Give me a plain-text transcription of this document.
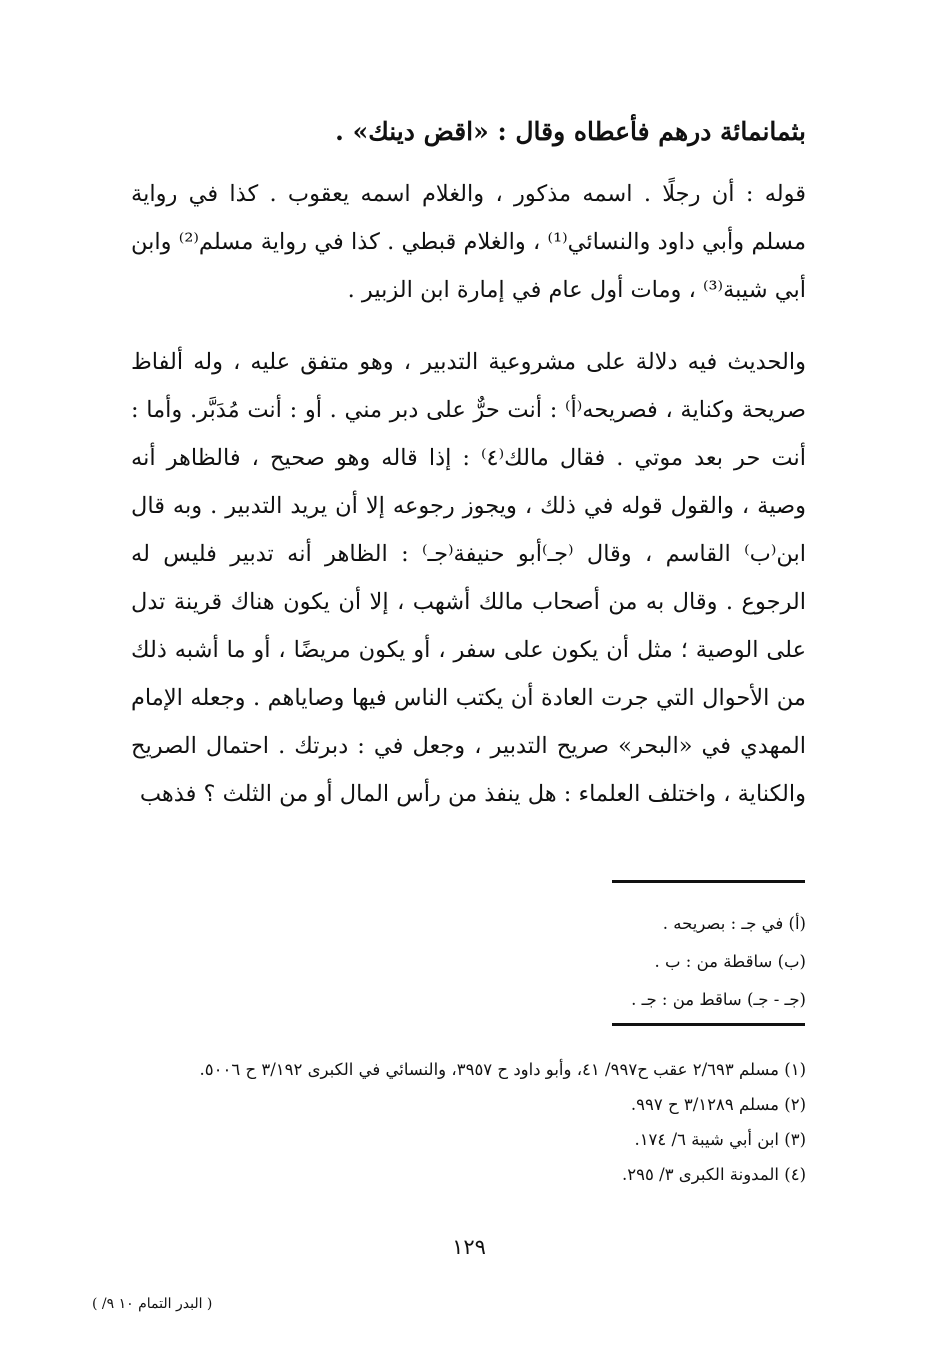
بثمانمائة درهم فأعطاه وقال : «اقض دينك» .

قوله : أن رجلًا . اسمه مذكور ، والغلام اسمه يعقوب . كذا في رواية مسلم وأبي داود والنسائي⁽¹⁾ ، والغلام قبطي . كذا في رواية مسلم⁽²⁾ وابن أبي شيبة⁽³⁾ ، ومات أول عام في إمارة ابن الزبير .

والحديث فيه دلالة على مشروعية التدبير ، وهو متفق عليه ، وله ألفاظ صريحة وكناية ، فصريحه⁽أ⁾ : أنت حرٌّ على دبر مني . أو : أنت مُدَبَّر. وأما : أنت حر بعد موتي . فقال مالك⁽٤⁾ : إذا قاله وهو صحيح ، فالظاهر أنه وصية ، والقول قوله في ذلك ، ويجوز رجوعه إلا أن يريد التدبير . وبه قال ابن⁽ب⁾ القاسم ، وقال ⁽جـ⁾أبو حنيفة⁽جـ⁾ : الظاهر أنه تدبير فليس له الرجوع . وقال به من أصحاب مالك أشهب ، إلا أن يكون هناك قرينة تدل على الوصية ؛ مثل أن يكون على سفر ، أو يكون مريضًا ، أو ما أشبه ذلك من الأحوال التي جرت العادة أن يكتب الناس فيها وصاياهم . وجعله الإمام المهدي في «البحر» صريح التدبير ، وجعل في : دبرتك . احتمال الصريح والكناية ، واختلف العلماء : هل ينفذ من رأس المال أو من الثلث ؟ فذهب

(أ) في جـ : بصريحه .
(ب) ساقطة من : ب .
(جـ - جـ) ساقط من : جـ .
(١) مسلم ٢/٦٩٣ عقب ح٩٩٧/ ٤١، وأبو داود ح ٣٩٥٧، والنسائي في الكبرى ٣/١٩٢ ح ٥٠٠٦.
(٢) مسلم ٣/١٢٨٩ ح ٩٩٧.
(٣) ابن أبي شيبة ٦/ ١٧٤.
(٤) المدونة الكبرى ٣/ ٢٩٥.
١٢٩
( البدر التمام ١٠ ٩/ )
